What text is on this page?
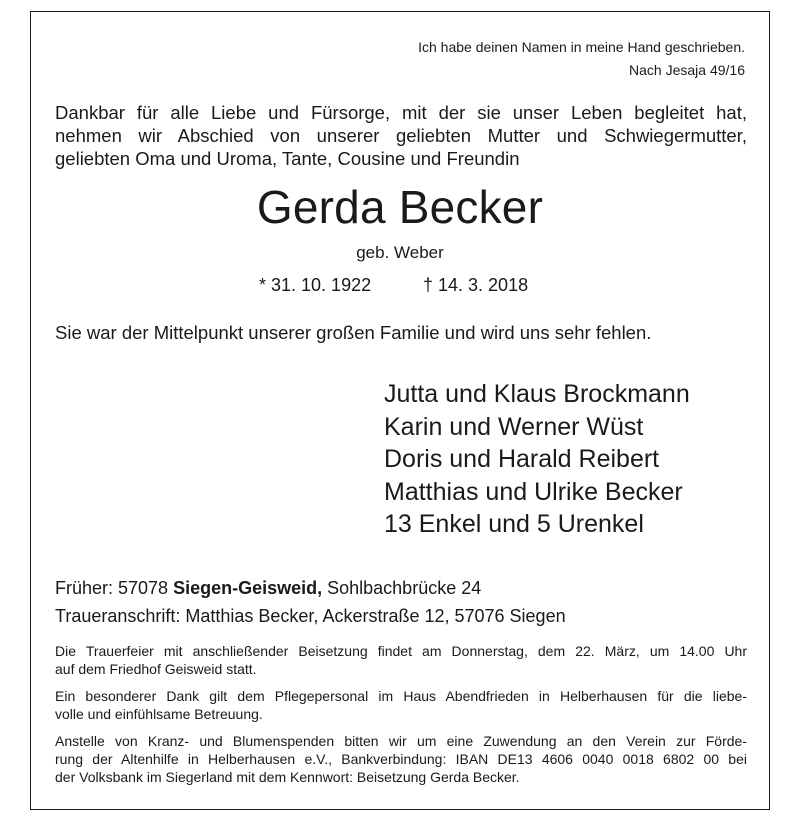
Ich habe deinen Namen in meine Hand geschrieben.
Nach Jesaja 49/16
Dankbar für alle Liebe und Fürsorge, mit der sie unser Leben begleitet hat,
nehmen wir Abschied von unserer geliebten Mutter und Schwiegermutter,
geliebten Oma und Uroma, Tante, Cousine und Freundin
Gerda Becker
geb. Weber
* 31. 10. 1922	† 14. 3. 2018
Sie war der Mittelpunkt unserer großen Familie und wird uns sehr fehlen.
Jutta und Klaus Brockmann
Karin und Werner Wüst
Doris und Harald Reibert
Matthias und Ulrike Becker
13 Enkel und 5 Urenkel
Früher: 57078 Siegen-Geisweid, Sohlbachbrücke 24
Traueranschrift: Matthias Becker, Ackerstraße 12, 57076 Siegen
Die Trauerfeier mit anschließender Beisetzung findet am Donnerstag, dem 22. März, um 14.00 Uhr
auf dem Friedhof Geisweid statt.
Ein besonderer Dank gilt dem Pflegepersonal im Haus Abendfrieden in Helberhausen für die liebe-
volle und einfühlsame Betreuung.
Anstelle von Kranz- und Blumenspenden bitten wir um eine Zuwendung an den Verein zur Förde-
rung der Altenhilfe in Helberhausen e.V., Bankverbindung: IBAN DE13 4606 0040 0018 6802 00 bei
der Volksbank im Siegerland mit dem Kennwort: Beisetzung Gerda Becker.
